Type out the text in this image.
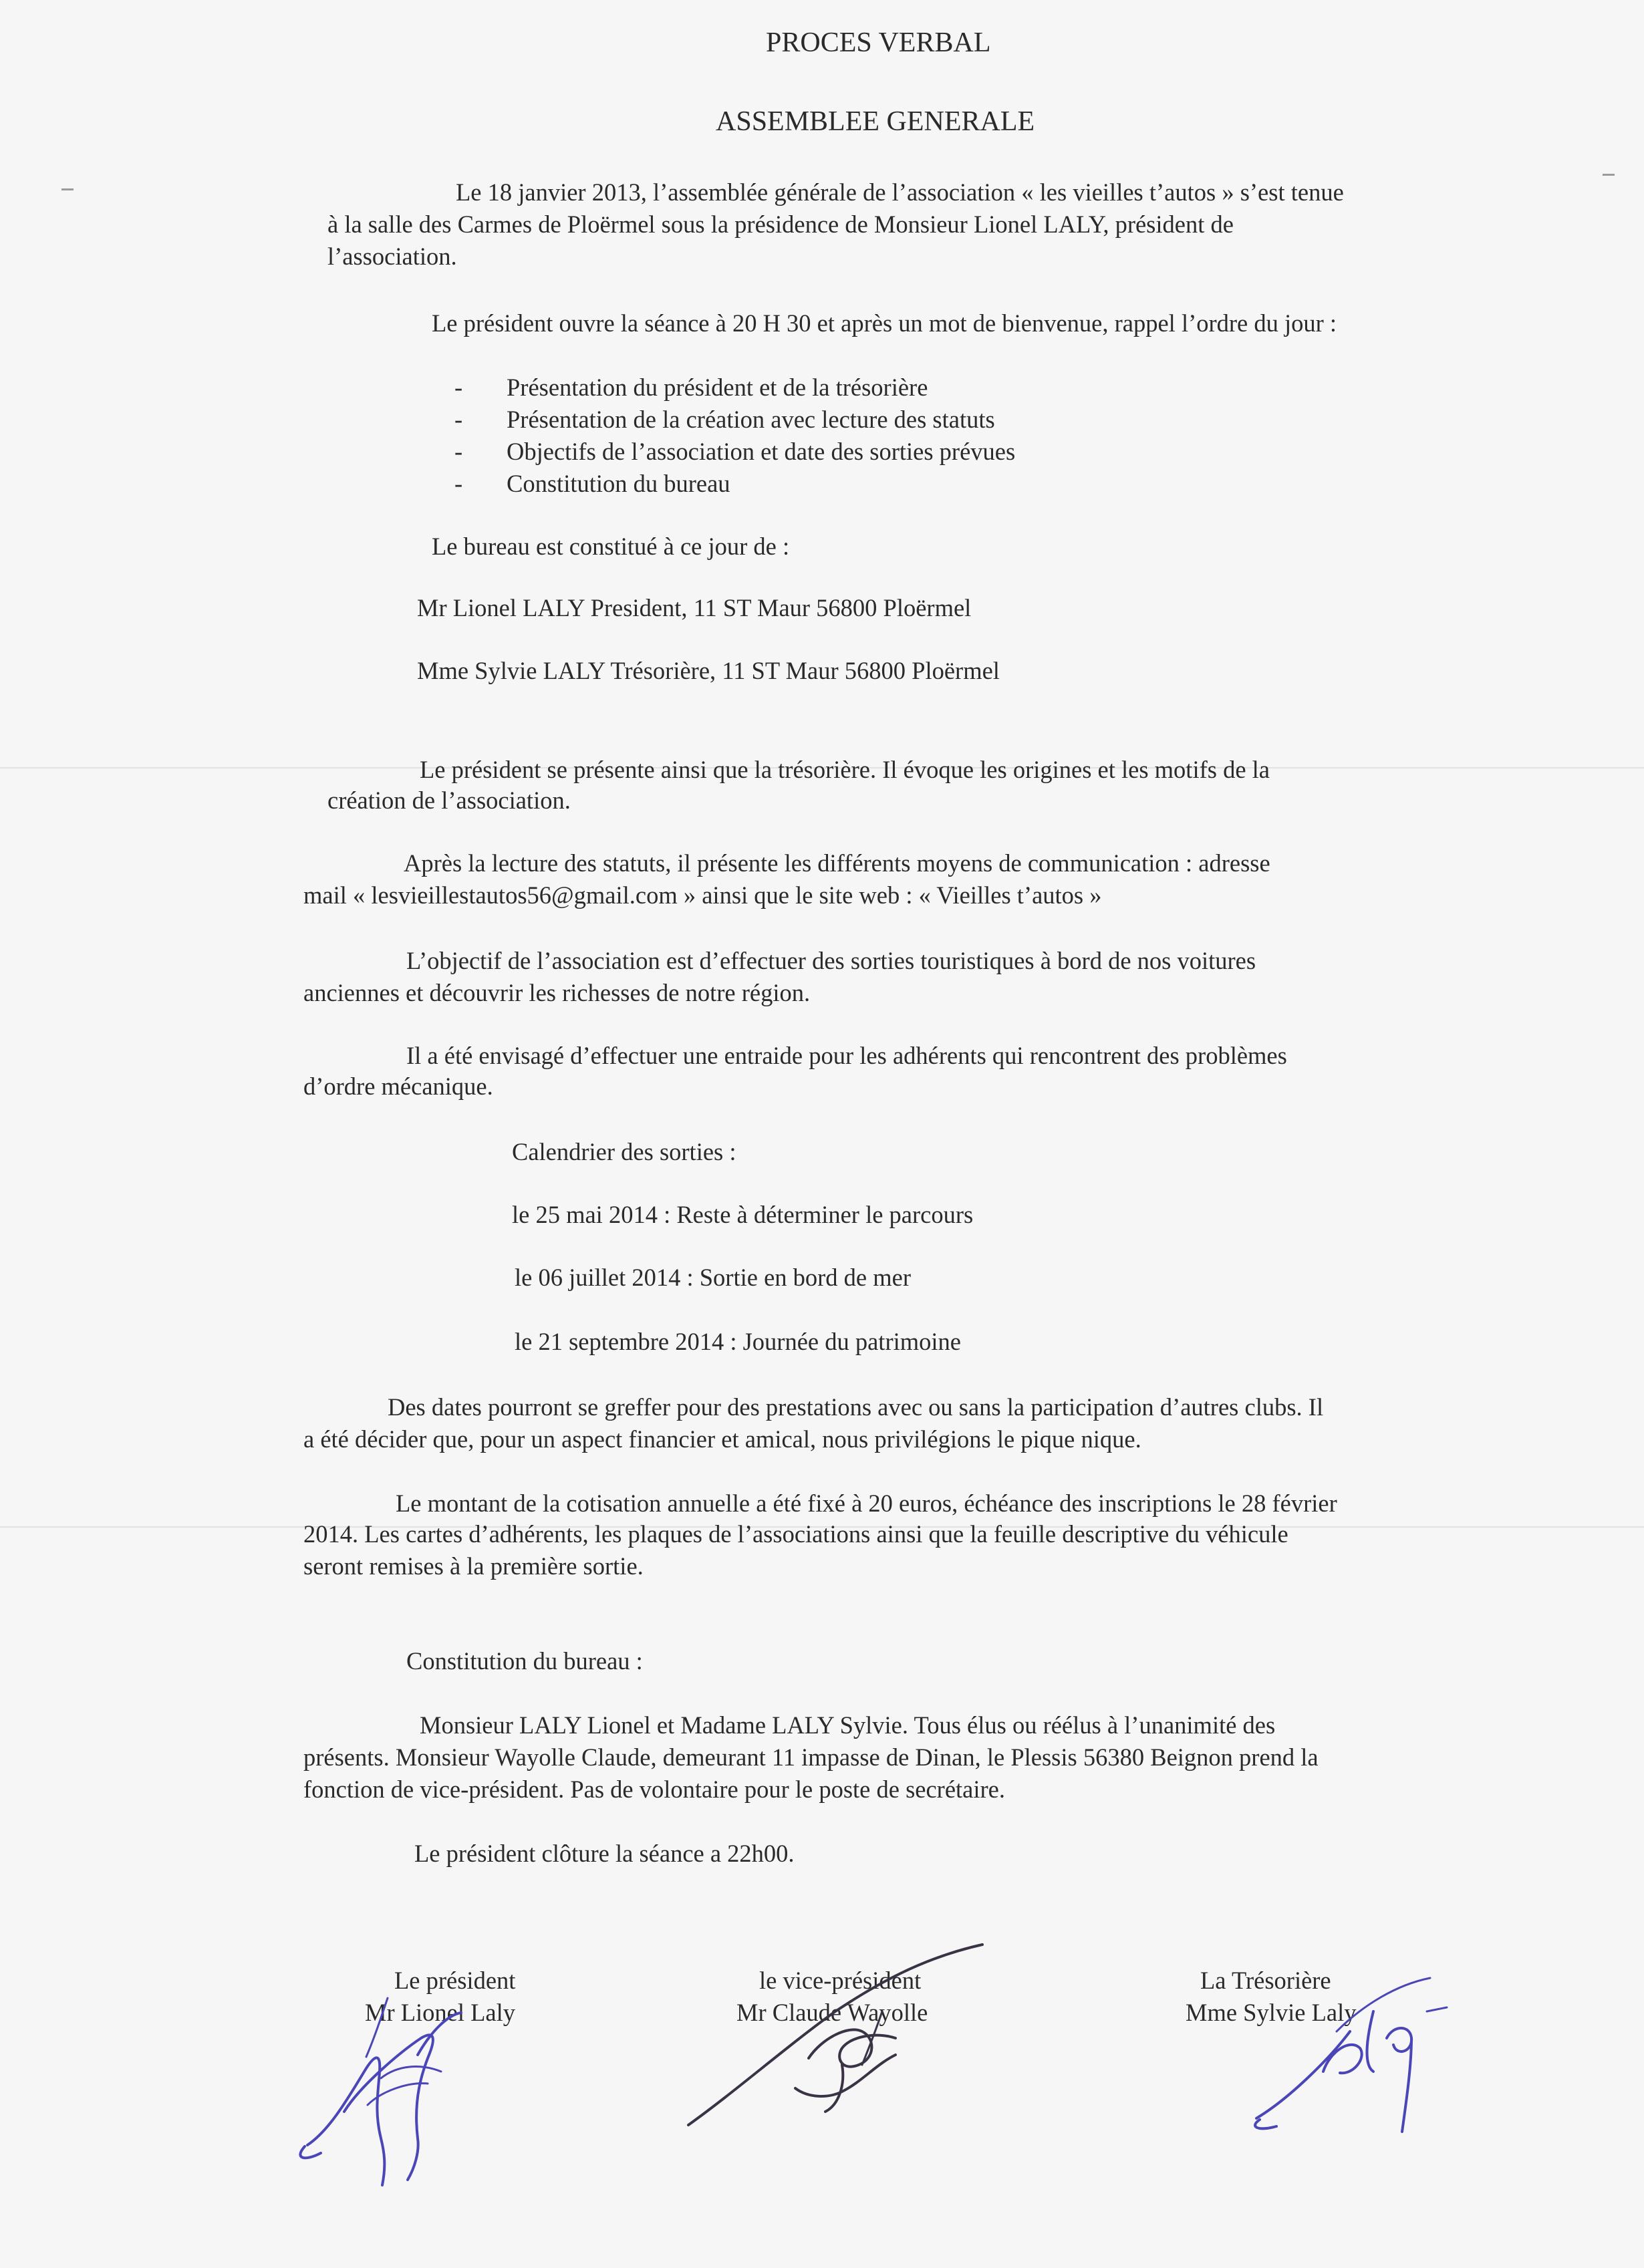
PROCES VERBAL
ASSEMBLEE GENERALE
Le 18 janvier 2013, l’assemblée générale de l’association « les vieilles t’autos » s’est tenue
à la salle des Carmes de Ploërmel sous la présidence de Monsieur Lionel LALY, président de
l’association.
Le président ouvre la séance à 20 H 30 et après un mot de bienvenue, rappel l’ordre du jour :
- Présentation du président et de la trésorière
- Présentation de la création avec lecture des statuts
- Objectifs de l’association et date des sorties prévues
- Constitution du bureau
Le bureau est constitué à ce jour de :
Mr Lionel LALY President, 11 ST Maur 56800 Ploërmel
Mme Sylvie LALY Trésorière, 11 ST Maur 56800 Ploërmel
Le président se présente ainsi que la trésorière. Il évoque les origines et les motifs de la
création de l’association.
Après la lecture des statuts, il présente les différents moyens de communication : adresse
mail « lesvieillestautos56@gmail.com » ainsi que le site web : « Vieilles t’autos »
L’objectif de l’association est d’effectuer des sorties touristiques à bord de nos voitures
anciennes et découvrir les richesses de notre région.
Il a été envisagé d’effectuer une entraide pour les adhérents qui rencontrent des problèmes
d’ordre mécanique.
Calendrier des sorties :
le 25 mai 2014 : Reste à déterminer le parcours
le 06 juillet 2014 : Sortie en bord de mer
le 21 septembre 2014 : Journée du patrimoine
Des dates pourront se greffer pour des prestations avec ou sans la participation d’autres clubs. Il
a été décider que, pour un aspect financier et amical, nous privilégions le pique nique.
Le montant de la cotisation annuelle a été fixé à 20 euros, échéance des inscriptions le 28 février
2014. Les cartes d’adhérents, les plaques de l’associations ainsi que la feuille descriptive du véhicule
seront remises à la première sortie.
Constitution du bureau :
Monsieur LALY Lionel et Madame LALY Sylvie. Tous élus ou réélus à l’unanimité des
présents. Monsieur Wayolle Claude, demeurant 11 impasse de Dinan, le Plessis 56380 Beignon prend la
fonction de vice-président. Pas de volontaire pour le poste de secrétaire.
Le président clôture la séance a 22h00.
Le président
Mr Lionel Laly
le vice-président
Mr Claude Wayolle
La Trésorière
Mme Sylvie Laly
